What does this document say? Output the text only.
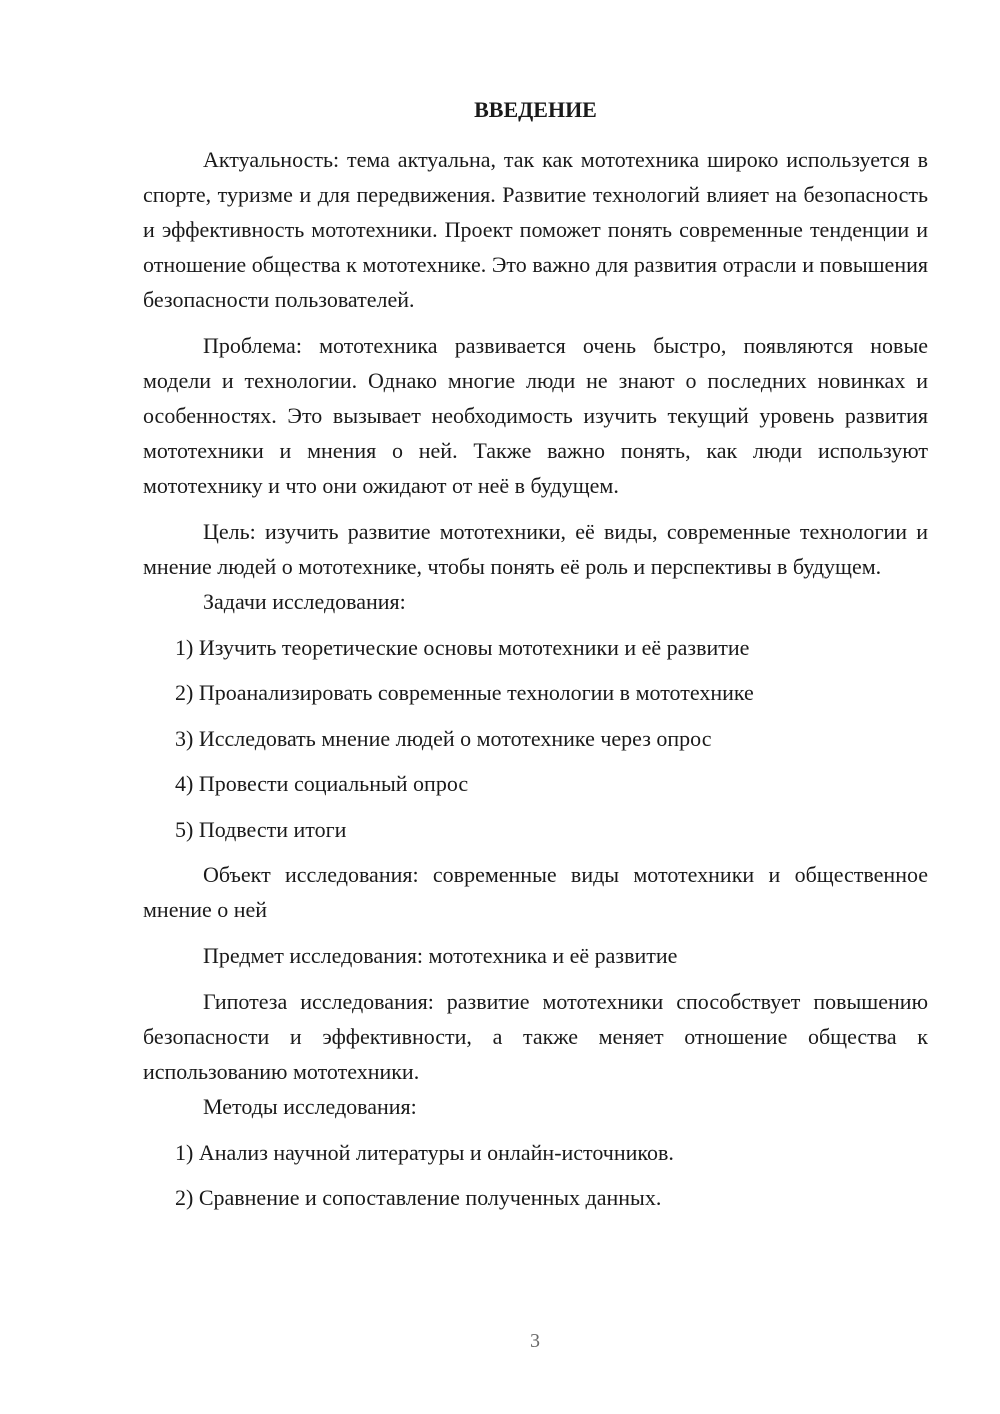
ВВЕДЕНИЕ

Актуальность: тема актуальна, так как мототехника широко используется в спорте, туризме и для передвижения. Развитие технологий влияет на безопасность и эффективность мототехники. Проект поможет понять современные тенденции и отношение общества к мототехнике. Это важно для развития отрасли и повышения безопасности пользователей.

Проблема: мототехника развивается очень быстро, появляются новые модели и технологии. Однако многие люди не знают о последних новинках и особенностях. Это вызывает необходимость изучить текущий уровень развития мототехники и мнения о ней. Также важно понять, как люди используют мототехнику и что они ожидают от неё в будущем.

Цель: изучить развитие мототехники, её виды, современные технологии и мнение людей о мототехнике, чтобы понять её роль и перспективы в будущем.

Задачи исследования:

1) Изучить теоретические основы мототехники и её развитие

2) Проанализировать современные технологии в мототехнике

3) Исследовать мнение людей о мототехнике через опрос

4) Провести социальный опрос

5) Подвести итоги

Объект исследования: современные виды мототехники и общественное мнение о ней

Предмет исследования: мототехника и её развитие

Гипотеза исследования: развитие мототехники способствует повышению безопасности и эффективности, а также меняет отношение общества к использованию мототехники.

Методы исследования:

1) Анализ научной литературы и онлайн-источников.

2) Сравнение и сопоставление полученных данных.

3
